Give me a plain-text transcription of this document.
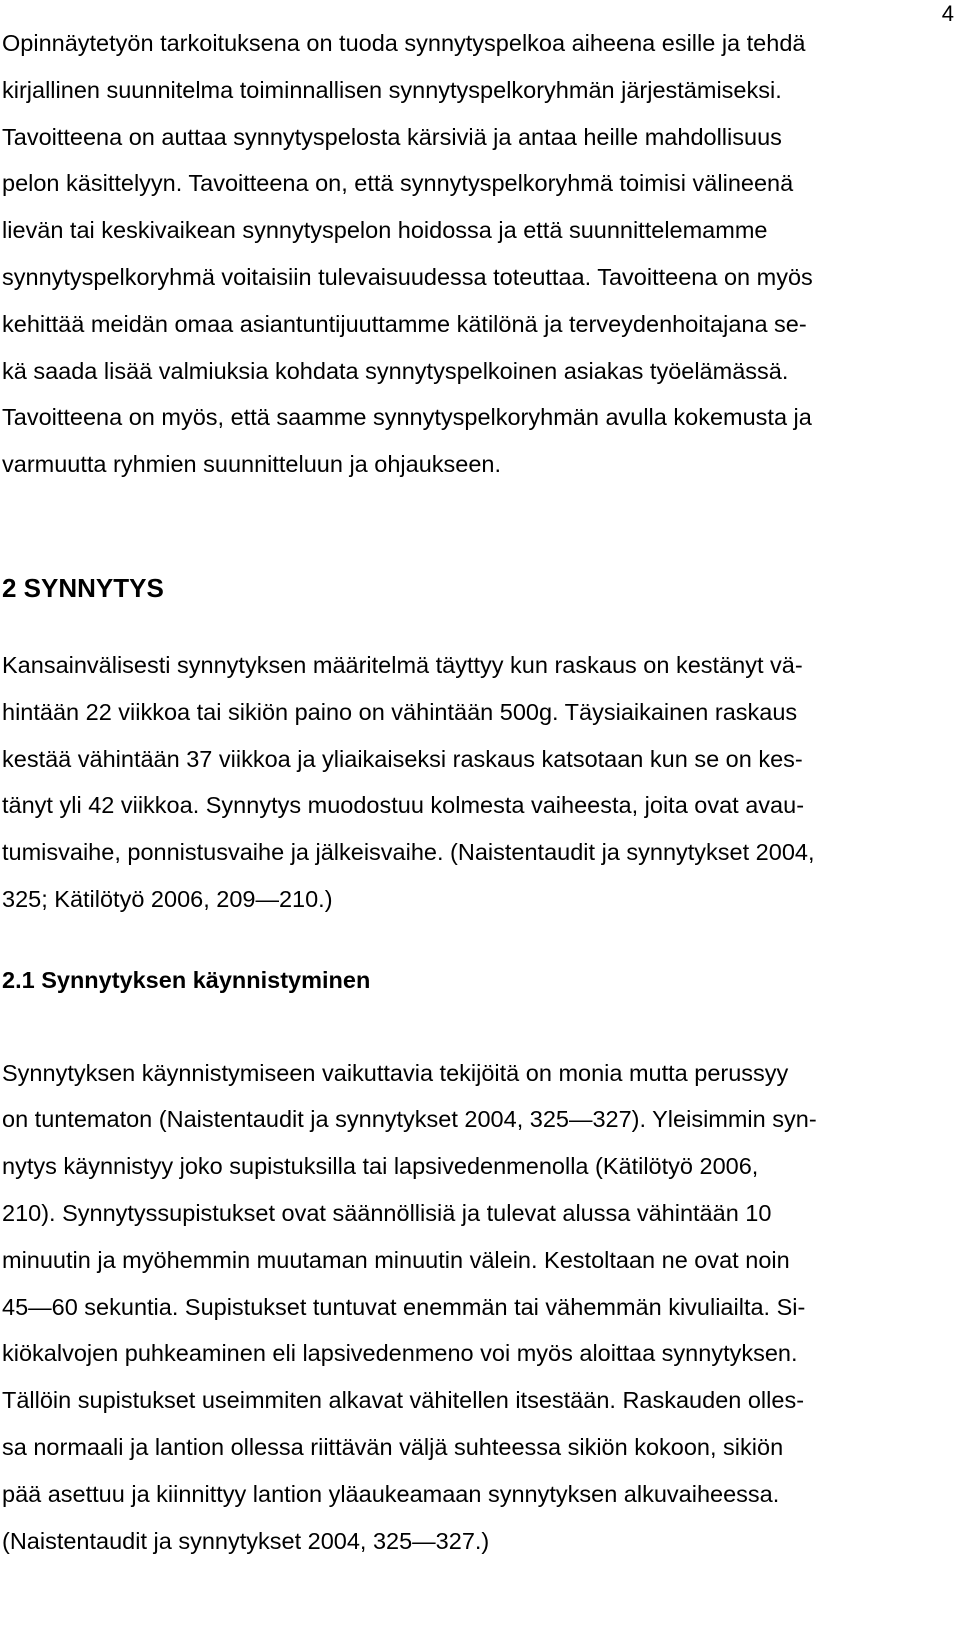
4

Opinnäytetyön tarkoituksena on tuoda synnytyspelkoa aiheena esille ja tehdä
kirjallinen suunnitelma toiminnallisen synnytyspelkoryhmän järjestämiseksi.
Tavoitteena on auttaa synnytyspelosta kärsiviä ja antaa heille mahdollisuus
pelon käsittelyyn. Tavoitteena on, että synnytyspelkoryhmä toimisi välineenä
lievän tai keskivaikean synnytyspelon hoidossa ja että suunnittelemamme
synnytyspelkoryhmä voitaisiin tulevaisuudessa toteuttaa. Tavoitteena on myös
kehittää meidän omaa asiantuntijuuttamme kätilönä ja terveydenhoitajana se-
kä saada lisää valmiuksia kohdata synnytyspelkoinen asiakas työelämässä.
Tavoitteena on myös, että saamme synnytyspelkoryhmän avulla kokemusta ja
varmuutta ryhmien suunnitteluun ja ohjaukseen.

2 SYNNYTYS

Kansainvälisesti synnytyksen määritelmä täyttyy kun raskaus on kestänyt vä-
hintään 22 viikkoa tai sikiön paino on vähintään 500g. Täysiaikainen raskaus
kestää vähintään 37 viikkoa ja yliaikaiseksi raskaus katsotaan kun se on kes-
tänyt yli 42 viikkoa. Synnytys muodostuu kolmesta vaiheesta, joita ovat avau-
tumisvaihe, ponnistusvaihe ja jälkeisvaihe. (Naistentaudit ja synnytykset 2004,
325; Kätilötyö 2006, 209—210.)

2.1 Synnytyksen käynnistyminen

Synnytyksen käynnistymiseen vaikuttavia tekijöitä on monia mutta perussyy
on tuntematon (Naistentaudit ja synnytykset 2004, 325—327). Yleisimmin syn-
nytys käynnistyy joko supistuksilla tai lapsivedenmenolla (Kätilötyö 2006,
210). Synnytyssupistukset ovat säännöllisiä ja tulevat alussa vähintään 10
minuutin ja myöhemmin muutaman minuutin välein. Kestoltaan ne ovat noin
45—60 sekuntia. Supistukset tuntuvat enemmän tai vähemmän kivuliailta. Si-
kiökalvojen puhkeaminen eli lapsivedenmeno voi myös aloittaa synnytyksen.
Tällöin supistukset useimmiten alkavat vähitellen itsestään. Raskauden olles-
sa normaali ja lantion ollessa riittävän väljä suhteessa sikiön kokoon, sikiön
pää asettuu ja kiinnittyy lantion yläaukeamaan synnytyksen alkuvaiheessa.
(Naistentaudit ja synnytykset 2004, 325—327.)
